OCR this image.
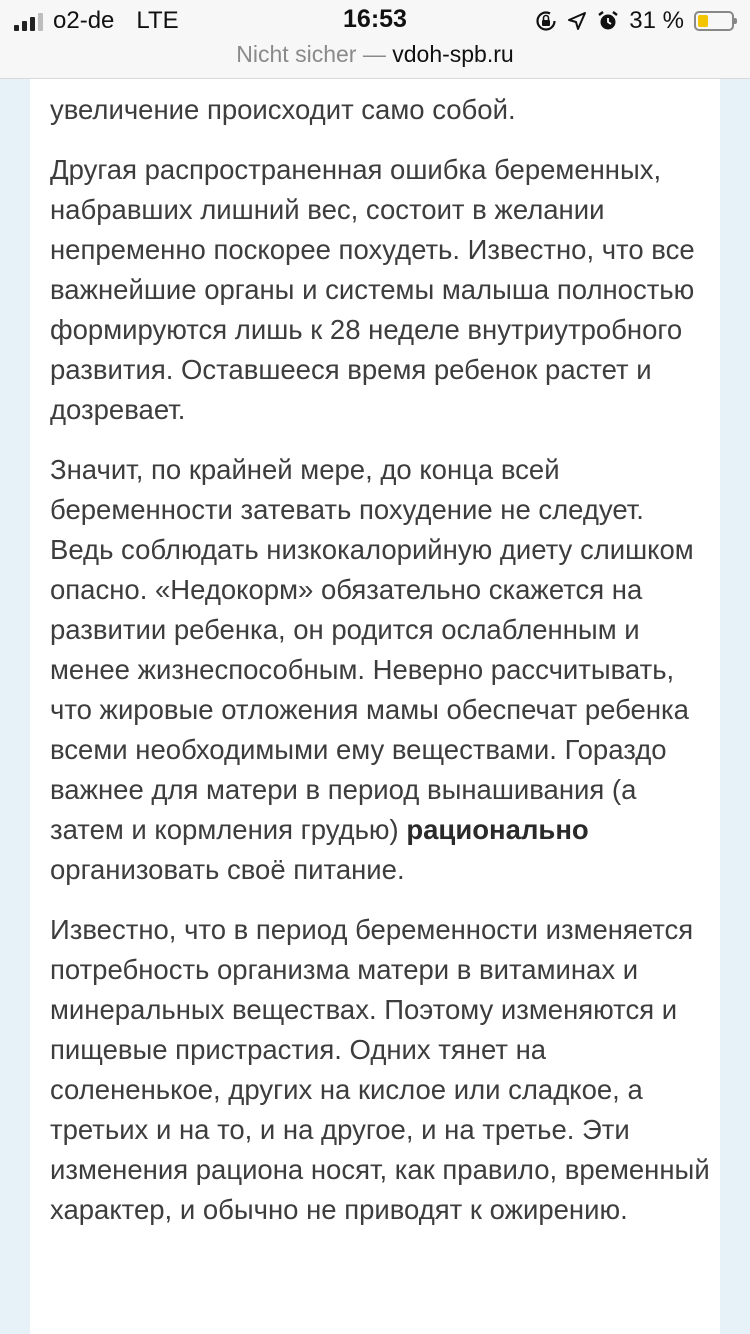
увеличение происходит само собой.

Другая распространенная ошибка беременных, набравших лишний вес, состоит в желании непременно поскорее похудеть. Известно, что все важнейшие органы и системы малыша полностью формируются лишь к 28 неделе внутриутробного развития. Оставшееся время ребенок растет и дозревает.

Значит, по крайней мере, до конца всей беременности затевать похудение не следует. Ведь соблюдать низкокалорийную диету слишком опасно. «Недокорм» обязательно скажется на развитии ребенка, он родится ослабленным и менее жизнеспособным. Неверно рассчитывать, что жировые отложения мамы обеспечат ребенка всеми необходимыми ему веществами. Гораздо важнее для матери в период вынашивания (а затем и кормления грудью) рационально организовать своё питание.

Известно, что в период беременности изменяется потребность организма матери в витаминах и минеральных веществах. Поэтому изменяются и пищевые пристрастия. Одних тянет на солененькое, других на кислое или сладкое, а третьих и на то, и на другое, и на третье. Эти изменения рациона носят, как правило, временный характер, и обычно не приводят к ожирению.

o2-de LTE	16:53	31 %
Nicht sicher — vdoh-spb.ru
